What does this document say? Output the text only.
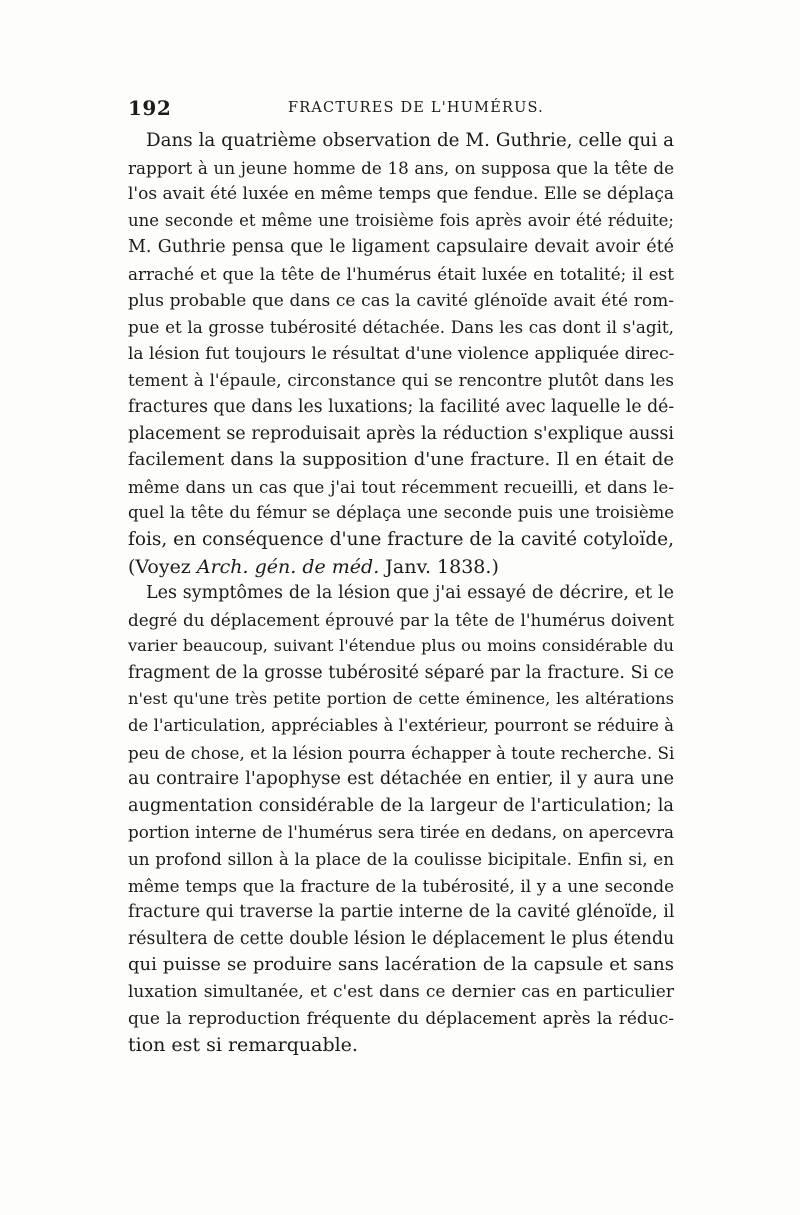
192	FRACTURES DE L'HUMÉRUS.
Dans la quatrième observation de M. Guthrie, celle qui a
rapport à un jeune homme de 18 ans, on supposa que la tête de
l'os avait été luxée en même temps que fendue. Elle se déplaça
une seconde et même une troisième fois après avoir été réduite;
M. Guthrie pensa que le ligament capsulaire devait avoir été
arraché et que la tête de l'humérus était luxée en totalité; il est
plus probable que dans ce cas la cavité glénoïde avait été rom-
pue et la grosse tubérosité détachée. Dans les cas dont il s'agit,
la lésion fut toujours le résultat d'une violence appliquée direc-
tement à l'épaule, circonstance qui se rencontre plutôt dans les
fractures que dans les luxations; la facilité avec laquelle le dé-
placement se reproduisait après la réduction s'explique aussi
facilement dans la supposition d'une fracture. Il en était de
même dans un cas que j'ai tout récemment recueilli, et dans le-
quel la tête du fémur se déplaça une seconde puis une troisième
fois, en conséquence d'une fracture de la cavité cotyloïde,
(Voyez Arch. gén. de méd. Janv. 1838.)
Les symptômes de la lésion que j'ai essayé de décrire, et le
degré du déplacement éprouvé par la tête de l'humérus doivent
varier beaucoup, suivant l'étendue plus ou moins considérable du
fragment de la grosse tubérosité séparé par la fracture. Si ce
n'est qu'une très petite portion de cette éminence, les altérations
de l'articulation, appréciables à l'extérieur, pourront se réduire à
peu de chose, et la lésion pourra échapper à toute recherche. Si
au contraire l'apophyse est détachée en entier, il y aura une
augmentation considérable de la largeur de l'articulation; la
portion interne de l'humérus sera tirée en dedans, on apercevra
un profond sillon à la place de la coulisse bicipitale. Enfin si, en
même temps que la fracture de la tubérosité, il y a une seconde
fracture qui traverse la partie interne de la cavité glénoïde, il
résultera de cette double lésion le déplacement le plus étendu
qui puisse se produire sans lacération de la capsule et sans
luxation simultanée, et c'est dans ce dernier cas en particulier
que la reproduction fréquente du déplacement après la réduc-
tion est si remarquable.
